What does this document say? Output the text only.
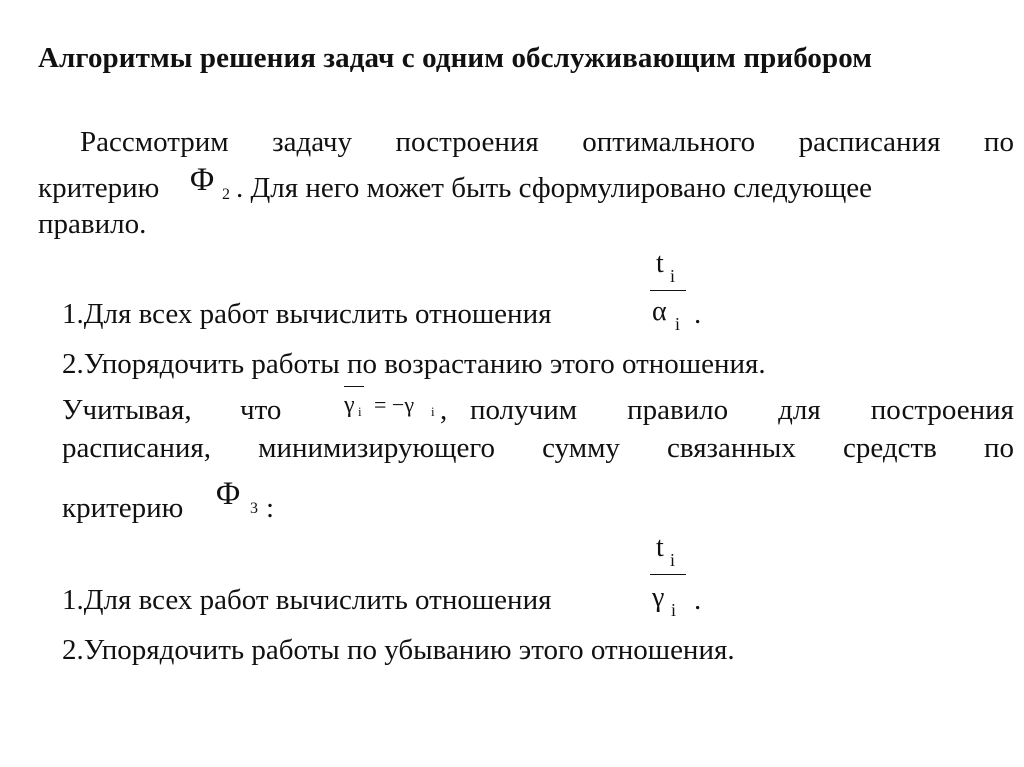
Алгоритмы решения задач с одним обслуживающим прибором
Рассмотрим задачу построения оптимального расписания по
критерию Φ 2 . Для него может быть сформулировано следующее
правило.
1.Для всех работ вычислить отношения
t i
α i .
2.Упорядочить работы по возрастанию этого отношения.
Учитывая, что	γ i = −γ i , получим правило для построения
расписания, минимизирующего сумму связанных средств по
критерию Φ 3 :
1.Для всех работ вычислить отношения
t i
γ i .
2.Упорядочить работы по убыванию этого отношения.
